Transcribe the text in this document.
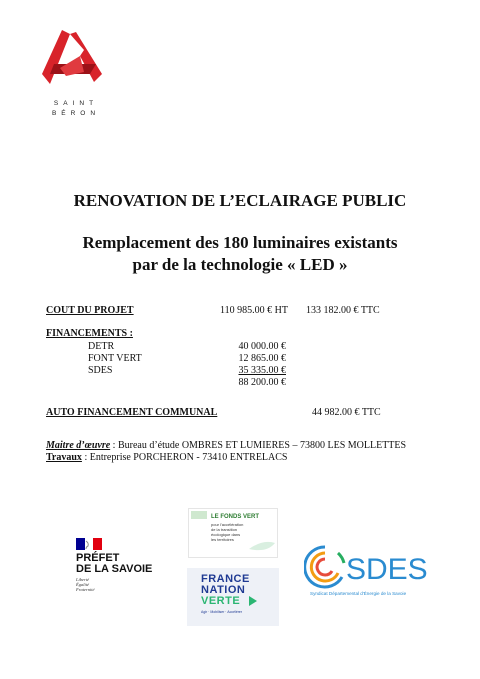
SAINT
BÉRON
RENOVATION DE L’ECLAIRAGE PUBLIC
Remplacement des 180 luminaires existants
par de la technologie « LED »
COUT DU PROJET	110 985.00 € HT 133 182.00 € TTC
FINANCEMENTS :
DETR	40 000.00 €
FONT VERT	12 865.00 €
SDES	35 335.00 €
88 200.00 €
AUTO FINANCEMENT COMMUNAL	44 982.00 € TTC
Maitre d’œuvre : Bureau d’étude OMBRES ET LUMIERES – 73800 LES MOLLETTES
Travaux : Entreprise PORCHERON - 73410 ENTRELACS
PRÉFET
DE LA SAVOIE
Liberté
Égalité
Fraternité
LE FONDS VERT
pour l'accélération
de la transition
écologique dans
les territoires
FRANCE
NATION
VERTE
Agir · Mobiliser · Accélérer
SDES
Syndicat Départemental d'Énergie de la Savoie
